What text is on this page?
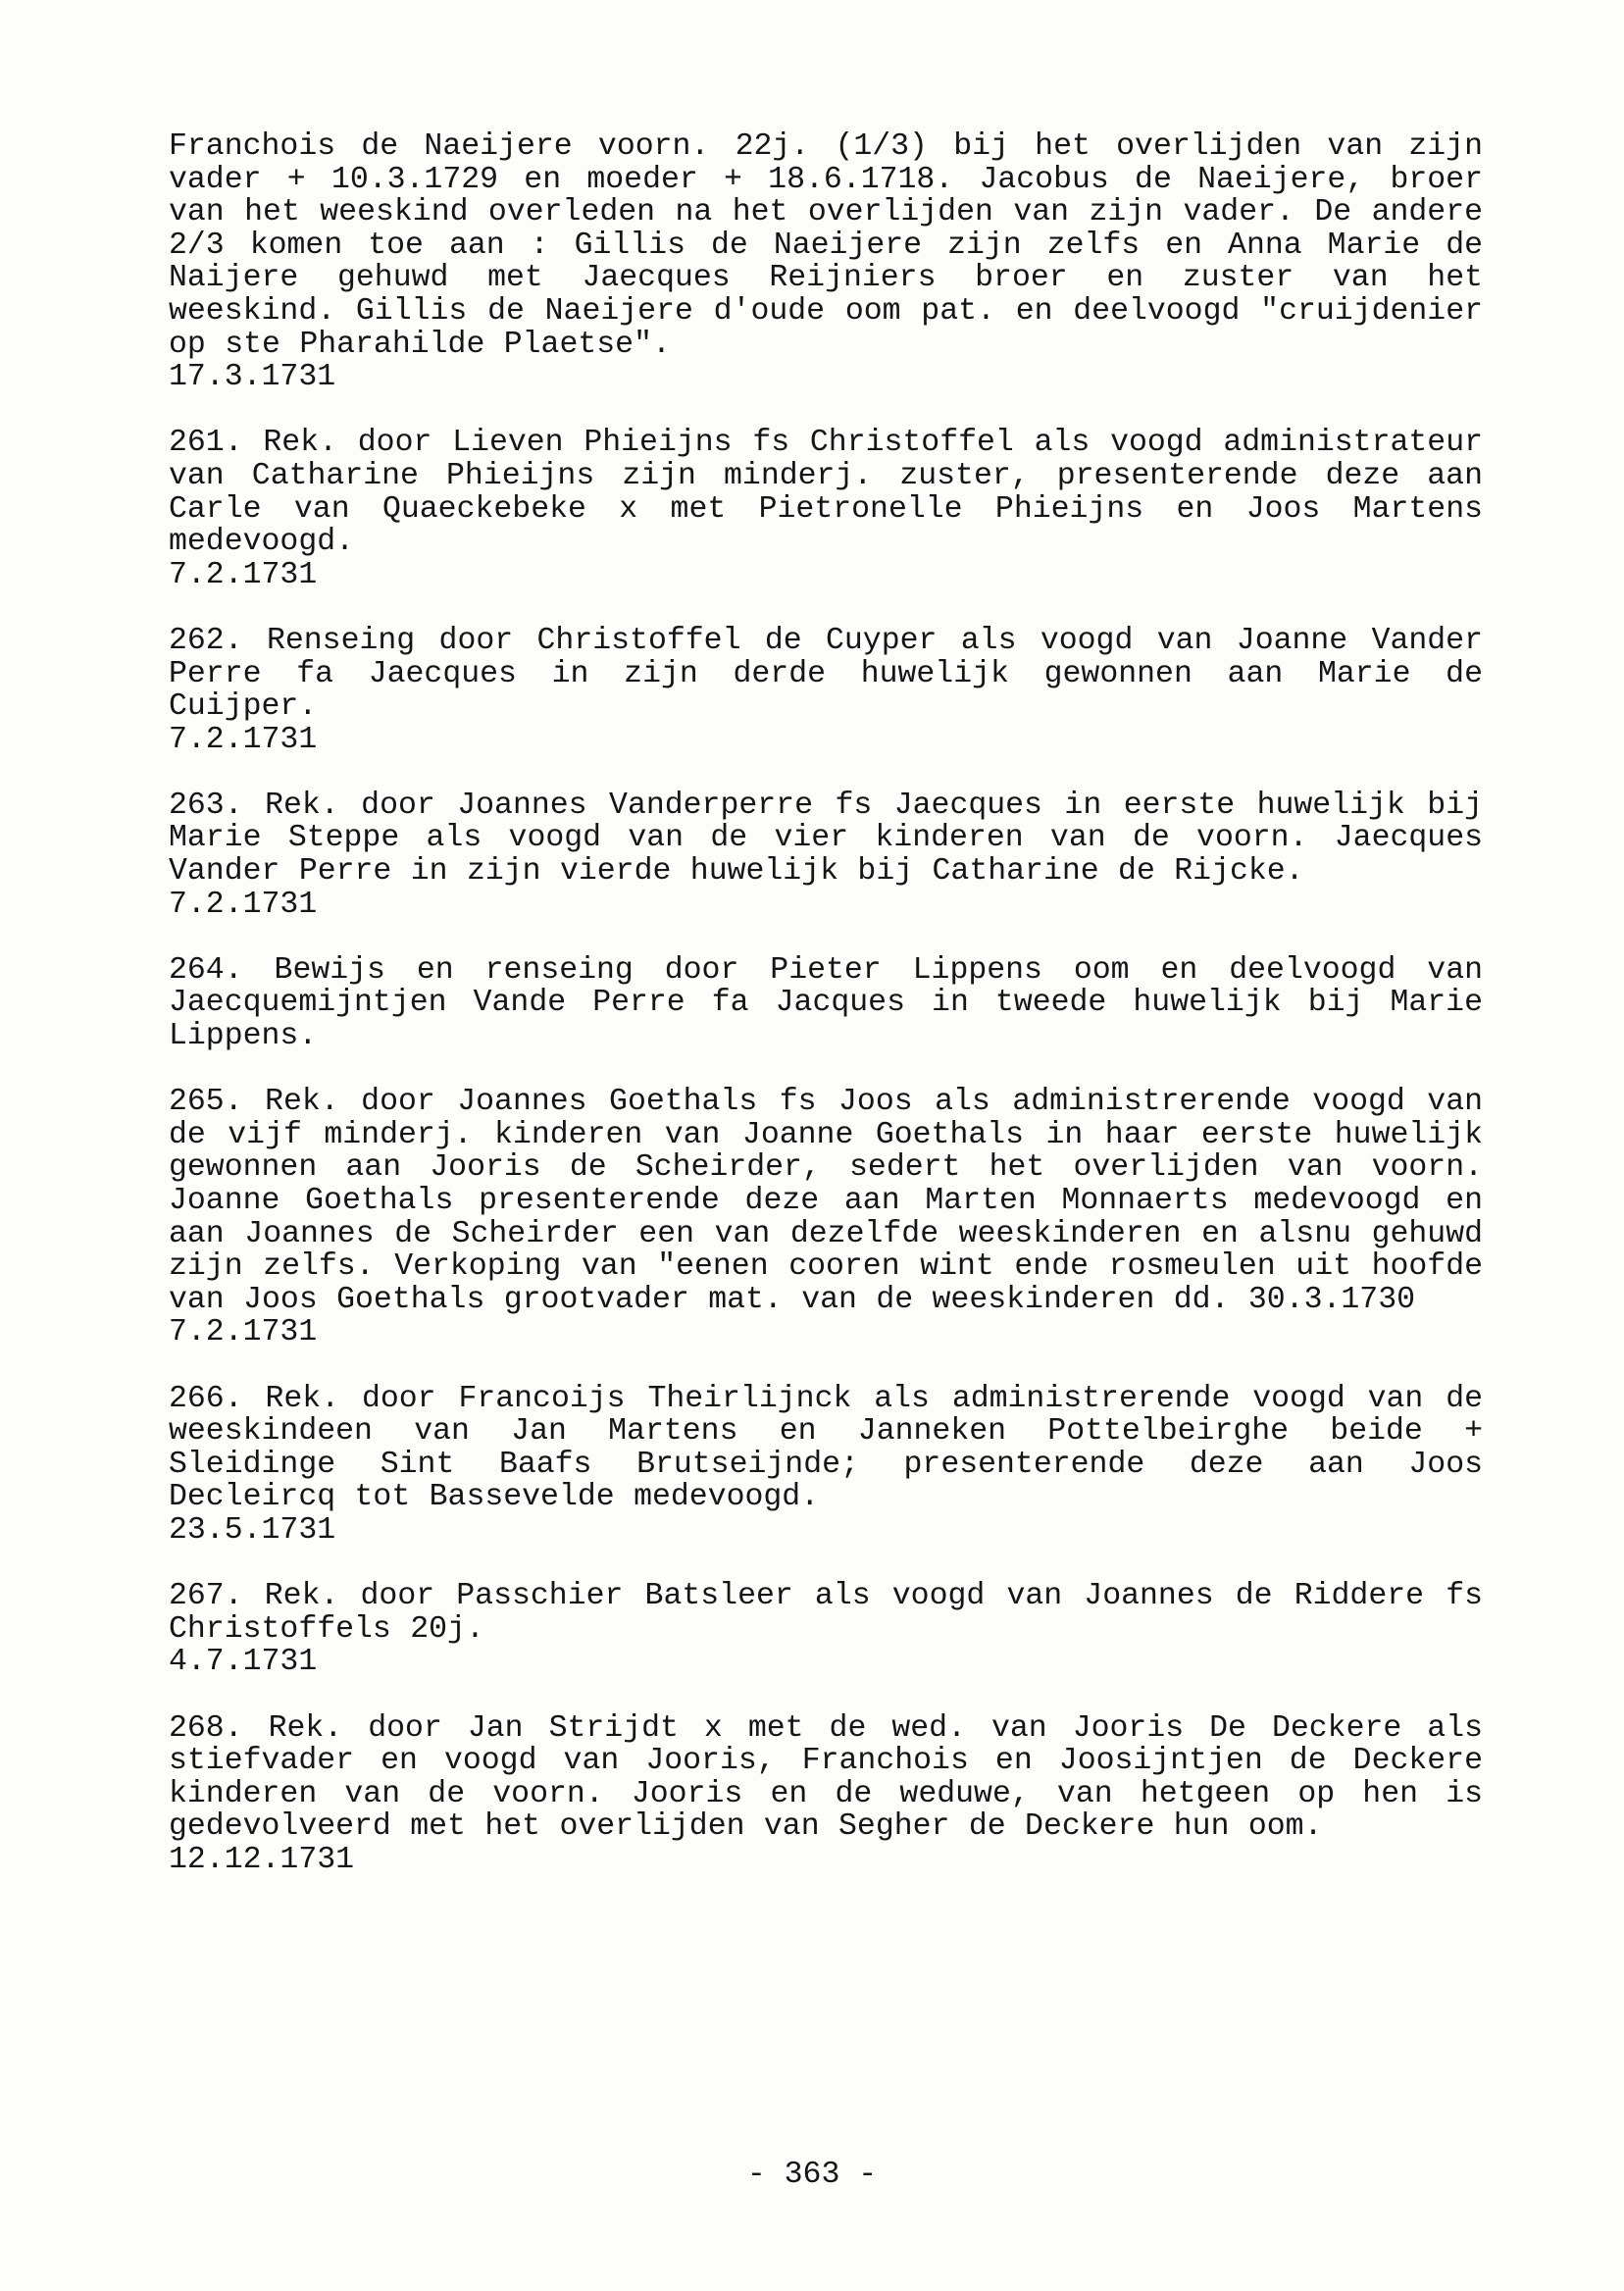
Franchois de Naeijere voorn. 22j. (1/3) bij het overlijden van zijn vader + 10.3.1729 en moeder + 18.6.1718. Jacobus de Naeijere, broer van het weeskind overleden na het overlijden van zijn vader. De andere 2/3 komen toe aan : Gillis de Naeijere zijn zelfs en Anna Marie de Naijere gehuwd met Jaecques Reijniers broer en zuster van het weeskind. Gillis de Naeijere d'oude oom pat. en deelvoogd "cruijdenier op ste Pharahilde Plaetse".
17.3.1731
261. Rek. door Lieven Phieijns fs Christoffel als voogd administrateur van Catharine Phieijns zijn minderj. zuster, presenterende deze aan Carle van Quaeckebeke x met Pietronelle Phieijns en Joos Martens medevoogd.
7.2.1731
262. Renseing door Christoffel de Cuyper als voogd van Joanne Vander Perre fa Jaecques in zijn derde huwelijk gewonnen aan Marie de Cuijper.
7.2.1731
263. Rek. door Joannes Vanderperre fs Jaecques in eerste huwelijk bij Marie Steppe als voogd van de vier kinderen van de voorn. Jaecques Vander Perre in zijn vierde huwelijk bij Catharine de Rijcke.
7.2.1731
264. Bewijs en renseing door Pieter Lippens oom en deelvoogd van Jaecquemijntjen Vande Perre fa Jacques in tweede huwelijk bij Marie Lippens.
265. Rek. door Joannes Goethals fs Joos als administrerende voogd van de vijf minderj. kinderen van Joanne Goethals in haar eerste huwelijk gewonnen aan Jooris de Scheirder, sedert het overlijden van voorn. Joanne Goethals presenterende deze aan Marten Monnaerts medevoogd en aan Joannes de Scheirder een van dezelfde weeskinderen en alsnu gehuwd zijn zelfs. Verkoping van "eenen cooren wint ende rosmeulen uit hoofde van Joos Goethals grootvader mat. van de weeskinderen dd. 30.3.1730
7.2.1731
266. Rek. door Francoijs Theirlijnck als administrerende voogd van de weeskindeen van Jan Martens en Janneken Pottelbeirghe beide + Sleidinge Sint Baafs Brutseijnde; presenterende deze aan Joos Decleircq tot Bassevelde medevoogd.
23.5.1731
267. Rek. door Passchier Batsleer als voogd van Joannes de Riddere fs Christoffels 20j.
4.7.1731
268. Rek. door Jan Strijdt x met de wed. van Jooris De Deckere als stiefvader en voogd van Jooris, Franchois en Joosijntjen de Deckere kinderen van de voorn. Jooris en de weduwe, van hetgeen op hen is gedevolveerd met het overlijden van Segher de Deckere hun oom.
12.12.1731
- 363 -
